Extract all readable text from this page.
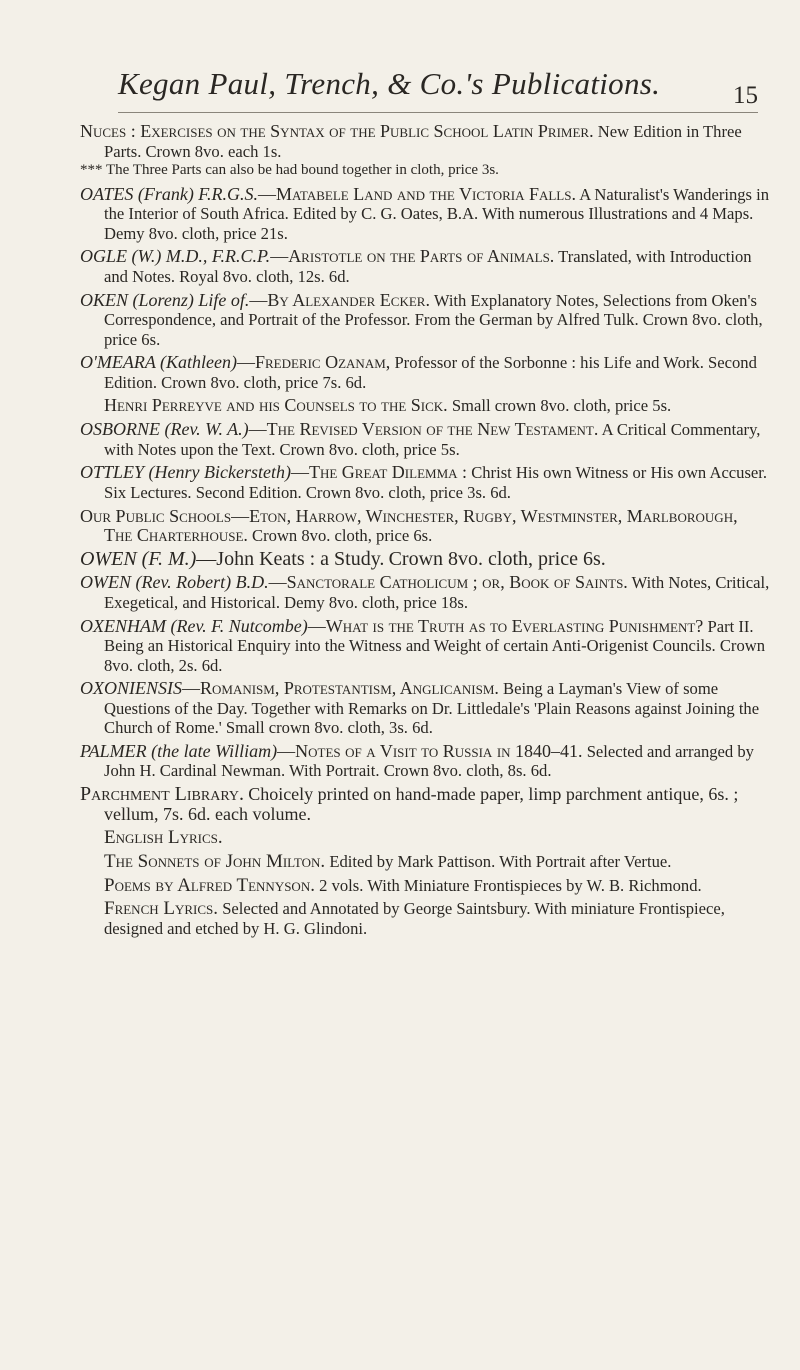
Kegan Paul, Trench, & Co.'s Publications.	15
Nuces : Exercises on the Syntax of the Public School Latin Primer. New Edition in Three Parts. Crown 8vo. each 1s.
*** The Three Parts can also be had bound together in cloth, price 3s.
OATES (Frank) F.R.G.S.—Matabele Land and the Victoria Falls. A Naturalist's Wanderings in the Interior of South Africa. Edited by C. G. Oates, B.A. With numerous Illustrations and 4 Maps. Demy 8vo. cloth, price 21s.
OGLE (W.) M.D., F.R.C.P.—Aristotle on the Parts of Animals. Translated, with Introduction and Notes. Royal 8vo. cloth, 12s. 6d.
OKEN (Lorenz) Life of.—By Alexander Ecker. With Explanatory Notes, Selections from Oken's Correspondence, and Portrait of the Professor. From the German by Alfred Tulk. Crown 8vo. cloth, price 6s.
O'MEARA (Kathleen)—Frederic Ozanam, Professor of the Sorbonne : his Life and Work. Second Edition. Crown 8vo. cloth, price 7s. 6d.
Henri Perreyve and his Counsels to the Sick. Small crown 8vo. cloth, price 5s.
OSBORNE (Rev. W. A.)—The Revised Version of the New Testament. A Critical Commentary, with Notes upon the Text. Crown 8vo. cloth, price 5s.
OTTLEY (Henry Bickersteth)—The Great Dilemma : Christ His own Witness or His own Accuser. Six Lectures. Second Edition. Crown 8vo. cloth, price 3s. 6d.
Our Public Schools—Eton, Harrow, Winchester, Rugby, Westminster, Marlborough, The Charterhouse. Crown 8vo. cloth, price 6s.
OWEN (F. M.)—John Keats : a Study. Crown 8vo. cloth, price 6s.
OWEN (Rev. Robert) B.D.—Sanctorale Catholicum ; or, Book of Saints. With Notes, Critical, Exegetical, and Historical. Demy 8vo. cloth, price 18s.
OXENHAM (Rev. F. Nutcombe)—What is the Truth as to Everlasting Punishment? Part II. Being an Historical Enquiry into the Witness and Weight of certain Anti-Origenist Councils. Crown 8vo. cloth, 2s. 6d.
OXONIENSIS—Romanism, Protestantism, Anglicanism. Being a Layman's View of some Questions of the Day. Together with Remarks on Dr. Littledale's 'Plain Reasons against Joining the Church of Rome.' Small crown 8vo. cloth, 3s. 6d.
PALMER (the late William)—Notes of a Visit to Russia in 1840–41. Selected and arranged by John H. Cardinal Newman. With Portrait. Crown 8vo. cloth, 8s. 6d.
Parchment Library. Choicely printed on hand-made paper, limp parchment antique, 6s. ; vellum, 7s. 6d. each volume.
English Lyrics.
The Sonnets of John Milton. Edited by Mark Pattison. With Portrait after Vertue.
Poems by Alfred Tennyson. 2 vols. With Miniature Frontispieces by W. B. Richmond.
French Lyrics. Selected and Annotated by George Saintsbury. With miniature Frontispiece, designed and etched by H. G. Glindoni.
